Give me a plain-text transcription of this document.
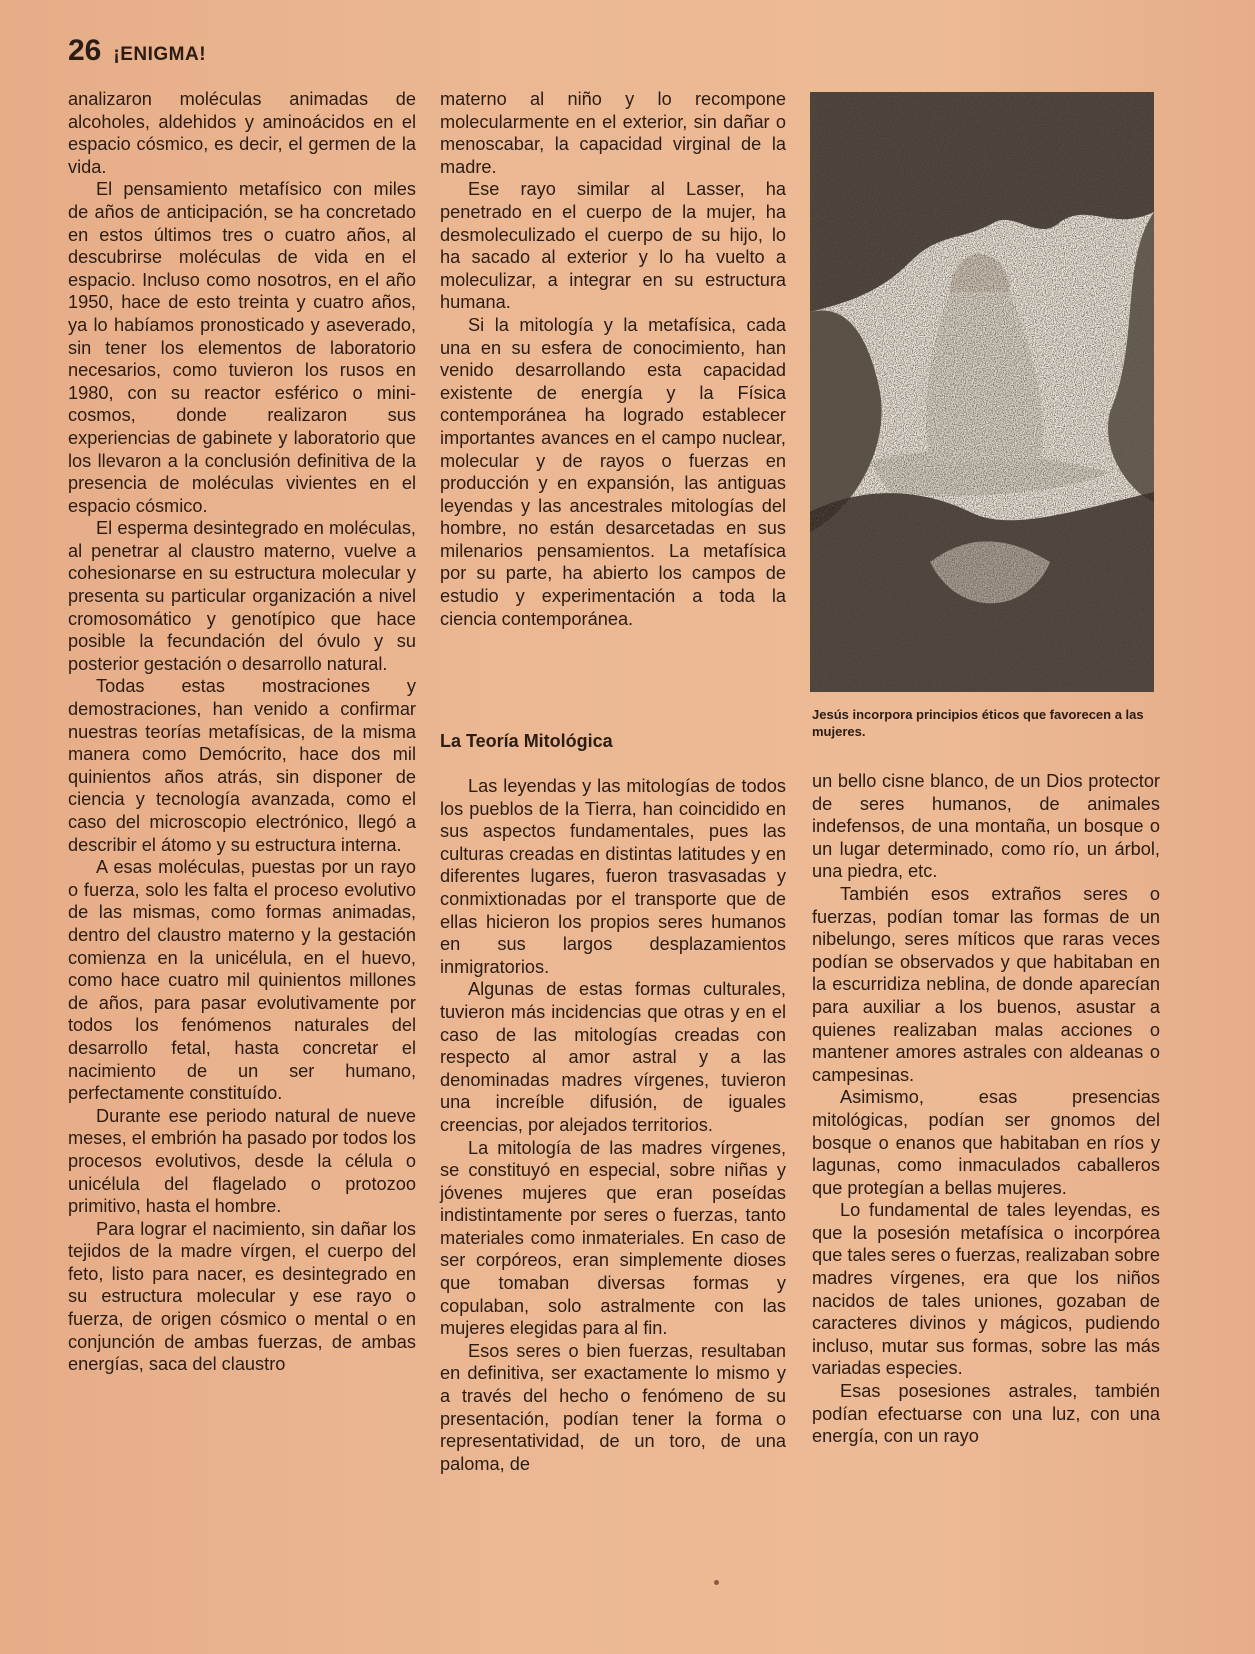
26 ¡ENIGMA!

analizaron moléculas animadas de alcoholes, aldehidos y aminoácidos en el espacio cósmico, es decir, el germen de la vida.

El pensamiento metafísico con miles de años de anticipación, se ha concretado en estos últimos tres o cuatro años, al descubrirse moléculas de vida en el espacio. Incluso como nosotros, en el año 1950, hace de esto treinta y cuatro años, ya lo habíamos pronosticado y aseverado, sin tener los elementos de laboratorio necesarios, como tuvieron los rusos en 1980, con su reactor esférico o mini-cosmos, donde realizaron sus experiencias de gabinete y laboratorio que los llevaron a la conclusión definitiva de la presencia de moléculas vivientes en el espacio cósmico.

El esperma desintegrado en moléculas, al penetrar al claustro materno, vuelve a cohesionarse en su estructura molecular y presenta su particular organización a nivel cromosomático y genotípico que hace posible la fecundación del óvulo y su posterior gestación o desarrollo natural.

Todas estas mostraciones y demostraciones, han venido a confirmar nuestras teorías metafísicas, de la misma manera como Demócrito, hace dos mil quinientos años atrás, sin disponer de ciencia y tecnología avanzada, como el caso del microscopio electrónico, llegó a describir el átomo y su estructura interna.

A esas moléculas, puestas por un rayo o fuerza, solo les falta el proceso evolutivo de las mismas, como formas animadas, dentro del claustro materno y la gestación comienza en la unicélula, en el huevo, como hace cuatro mil quinientos millones de años, para pasar evolutivamente por todos los fenómenos naturales del desarrollo fetal, hasta concretar el nacimiento de un ser humano, perfectamente constituído.

Durante ese periodo natural de nueve meses, el embrión ha pasado por todos los procesos evolutivos, desde la célula o unicélula del flagelado o protozoo primitivo, hasta el hombre.

Para lograr el nacimiento, sin dañar los tejidos de la madre vírgen, el cuerpo del feto, listo para nacer, es desintegrado en su estructura molecular y ese rayo o fuerza, de origen cósmico o mental o en conjunción de ambas fuerzas, de ambas energías, saca del claustro

materno al niño y lo recompone molecularmente en el exterior, sin dañar o menoscabar, la capacidad virginal de la madre.

Ese rayo similar al Lasser, ha penetrado en el cuerpo de la mujer, ha desmoleculizado el cuerpo de su hijo, lo ha sacado al exterior y lo ha vuelto a moleculizar, a integrar en su estructura humana.

Si la mitología y la metafísica, cada una en su esfera de conocimiento, han venido desarrollando esta capacidad existente de energía y la Física contemporánea ha logrado establecer importantes avances en el campo nuclear, molecular y de rayos o fuerzas en producción y en expansión, las antiguas leyendas y las ancestrales mitologías del hombre, no están desarcetadas en sus milenarios pensamientos. La metafísica por su parte, ha abierto los campos de estudio y experimentación a toda la ciencia contemporánea.

La Teoría Mitológica

Las leyendas y las mitologías de todos los pueblos de la Tierra, han coincidido en sus aspectos fundamentales, pues las culturas creadas en distintas latitudes y en diferentes lugares, fueron trasvasadas y conmixtionadas por el transporte que de ellas hicieron los propios seres humanos en sus largos desplazamientos inmigratorios.

Algunas de estas formas culturales, tuvieron más incidencias que otras y en el caso de las mitologías creadas con respecto al amor astral y a las denominadas madres vírgenes, tuvieron una increíble difusión, de iguales creencias, por alejados territorios.

La mitología de las madres vírgenes, se constituyó en especial, sobre niñas y jóvenes mujeres que eran poseídas indistintamente por seres o fuerzas, tanto materiales como inmateriales. En caso de ser corpóreos, eran simplemente dioses que tomaban diversas formas y copulaban, solo astralmente con las mujeres elegidas para al fin.

Esos seres o bien fuerzas, resultaban en definitiva, ser exactamente lo mismo y a través del hecho o fenómeno de su presentación, podían tener la forma o representatividad, de un toro, de una paloma, de

Jesús incorpora principios éticos que favorecen a las mujeres.

un bello cisne blanco, de un Dios protector de seres humanos, de animales indefensos, de una montaña, un bosque o un lugar determinado, como río, un árbol, una piedra, etc.

También esos extraños seres o fuerzas, podían tomar las formas de un nibelungo, seres míticos que raras veces podían se observados y que habitaban en la escurridiza neblina, de donde aparecían para auxiliar a los buenos, asustar a quienes realizaban malas acciones o mantener amores astrales con aldeanas o campesinas.

Asimismo, esas presencias mitológicas, podían ser gnomos del bosque o enanos que habitaban en ríos y lagunas, como inmaculados caballeros que protegían a bellas mujeres.

Lo fundamental de tales leyendas, es que la posesión metafísica o incorpórea que tales seres o fuerzas, realizaban sobre madres vírgenes, era que los niños nacidos de tales uniones, gozaban de caracteres divinos y mágicos, pudiendo incluso, mutar sus formas, sobre las más variadas especies.

Esas posesiones astrales, también podían efectuarse con una luz, con una energía, con un rayo
